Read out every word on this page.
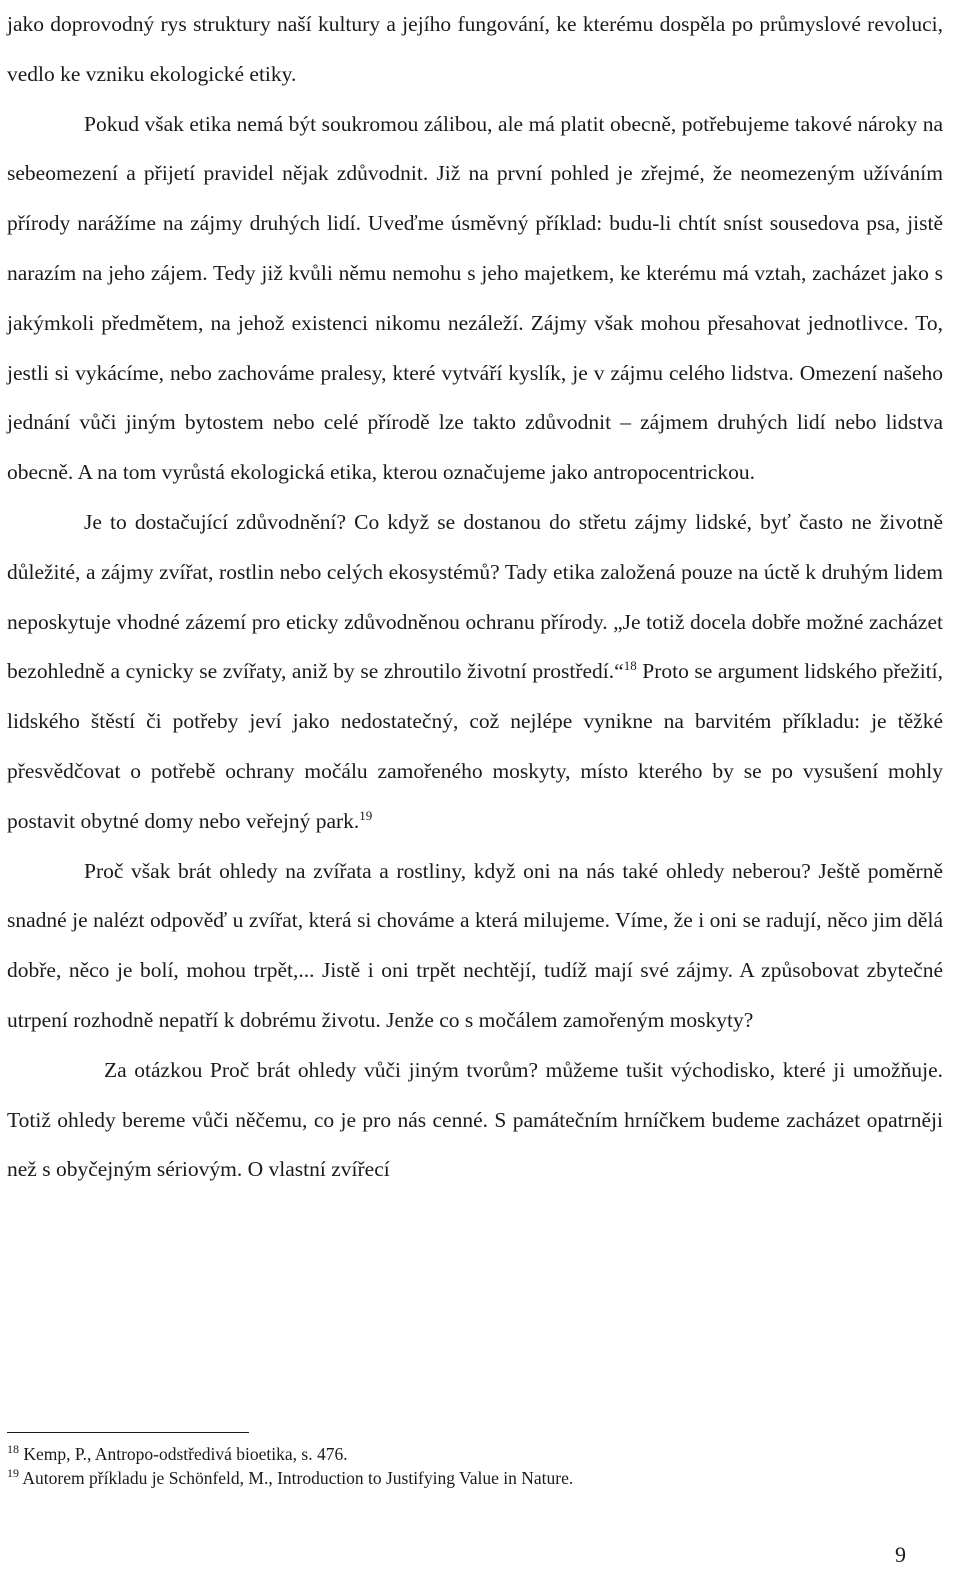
jako doprovodný rys struktury naší kultury a jejího fungování, ke kterému dospěla po průmyslové revoluci, vedlo ke vzniku ekologické etiky.

Pokud však etika nemá být soukromou zálibou, ale má platit obecně, potřebujeme takové nároky na sebeomezení a přijetí pravidel nějak zdůvodnit. Již na první pohled je zřejmé, že neomezeným užíváním přírody narážíme na zájmy druhých lidí. Uveďme úsměvný příklad: budu-li chtít sníst sousedova psa, jistě narazím na jeho zájem. Tedy již kvůli němu nemohu s jeho majetkem, ke kterému má vztah, zacházet jako s jakýmkoli předmětem, na jehož existenci nikomu nezáleží. Zájmy však mohou přesahovat jednotlivce. To, jestli si vykácíme, nebo zachováme pralesy, které vytváří kyslík, je v zájmu celého lidstva. Omezení našeho jednání vůči jiným bytostem nebo celé přírodě lze takto zdůvodnit – zájmem druhých lidí nebo lidstva obecně. A na tom vyrůstá ekologická etika, kterou označujeme jako antropocentrickou.

Je to dostačující zdůvodnění? Co když se dostanou do střetu zájmy lidské, byť často ne životně důležité, a zájmy zvířat, rostlin nebo celých ekosystémů? Tady etika založená pouze na úctě k druhým lidem neposkytuje vhodné zázemí pro eticky zdůvodněnou ochranu přírody. „Je totiž docela dobře možné zacházet bezohledně a cynicky se zvířaty, aniž by se zhroutilo životní prostředí.“$^{18}$ Proto se argument lidského přežití, lidského štěstí či potřeby jeví jako nedostatečný, což nejlépe vynikne na barvitém příkladu: je těžké přesvědčovat o potřebě ochrany močálu zamořeného moskyty, místo kterého by se po vysušení mohly postavit obytné domy nebo veřejný park.$^{19}$

Proč však brát ohledy na zvířata a rostliny, když oni na nás také ohledy neberou? Ještě poměrně snadné je nalézt odpověď u zvířat, která si chováme a která milujeme. Víme, že i oni se radují, něco jim dělá dobře, něco je bolí, mohou trpět,... Jistě i oni trpět nechtějí, tudíž mají své zájmy. A způsobovat zbytečné utrpení rozhodně nepatří k dobrému životu. Jenže co s močálem zamořeným moskyty?

Za otázkou Proč brát ohledy vůči jiným tvorům? můžeme tušit východisko, které ji umožňuje. Totiž ohledy bereme vůči něčemu, co je pro nás cenné. S památečním hrníčkem budeme zacházet opatrněji než s obyčejným sériovým. O vlastní zvířecí

$^{18}$ Kemp, P., Antropo-odstředivá bioetika, s. 476.

$^{19}$ Autorem příkladu je Schönfeld, M., Introduction to Justifying Value in Nature.

9
